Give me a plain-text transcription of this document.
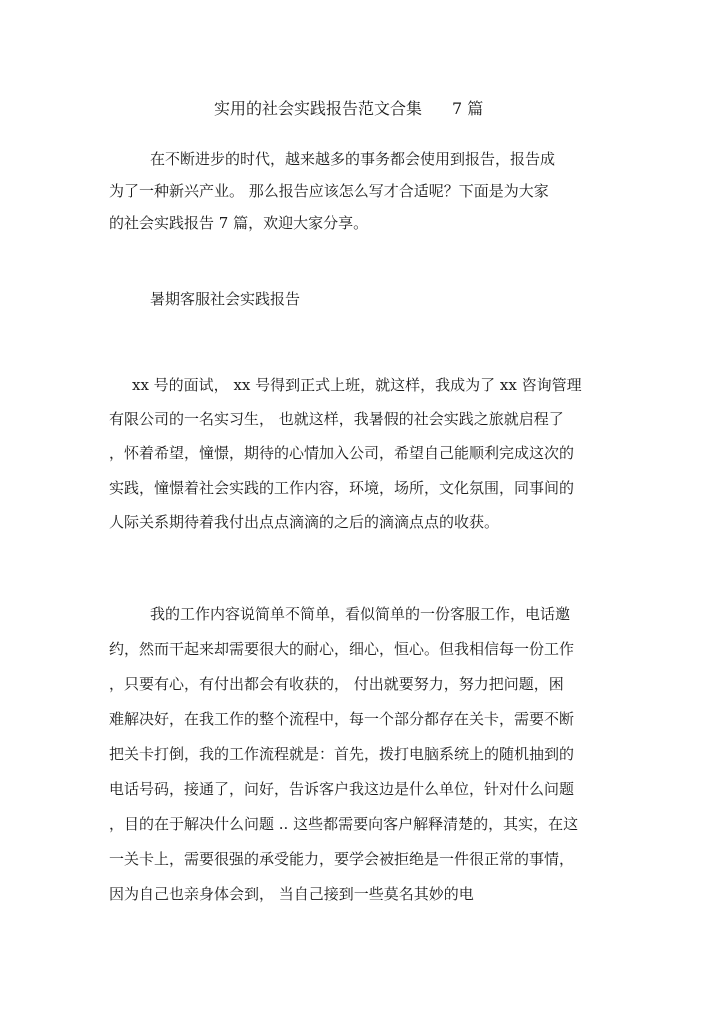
实用的社会实践报告范文合集 7 篇
在不断进步的时代，越来越多的事务都会使用到报告，报告成
为了一种新兴产业。 那么报告应该怎么写才合适呢？下面是为大家
的社会实践报告 7 篇，欢迎大家分享。
暑期客服社会实践报告
xx 号的面试， xx 号得到正式上班，就这样，我成为了 xx 咨询管理
有限公司的一名实习生， 也就这样，我暑假的社会实践之旅就启程了
，怀着希望，憧憬，期待的心情加入公司，希望自己能顺利完成这次的
实践，憧憬着社会实践的工作内容，环境，场所，文化氛围，同事间的
人际关系期待着我付出点点滴滴的之后的滴滴点点的收获。
我的工作内容说简单不简单，看似简单的一份客服工作，电话邀
约，然而干起来却需要很大的耐心，细心，恒心。但我相信每一份工作
，只要有心，有付出都会有收获的， 付出就要努力，努力把问题，困
难解决好，在我工作的整个流程中，每一个部分都存在关卡，需要不断
把关卡打倒，我的工作流程就是：首先，拨打电脑系统上的随机抽到的
电话号码，接通了，问好，告诉客户我这边是什么单位，针对什么问题
，目的在于解决什么问题 .. 这些都需要向客户解释清楚的，其实，在这
一关卡上，需要很强的承受能力，要学会被拒绝是一件很正常的事情，
因为自己也亲身体会到， 当自己接到一些莫名其妙的电
